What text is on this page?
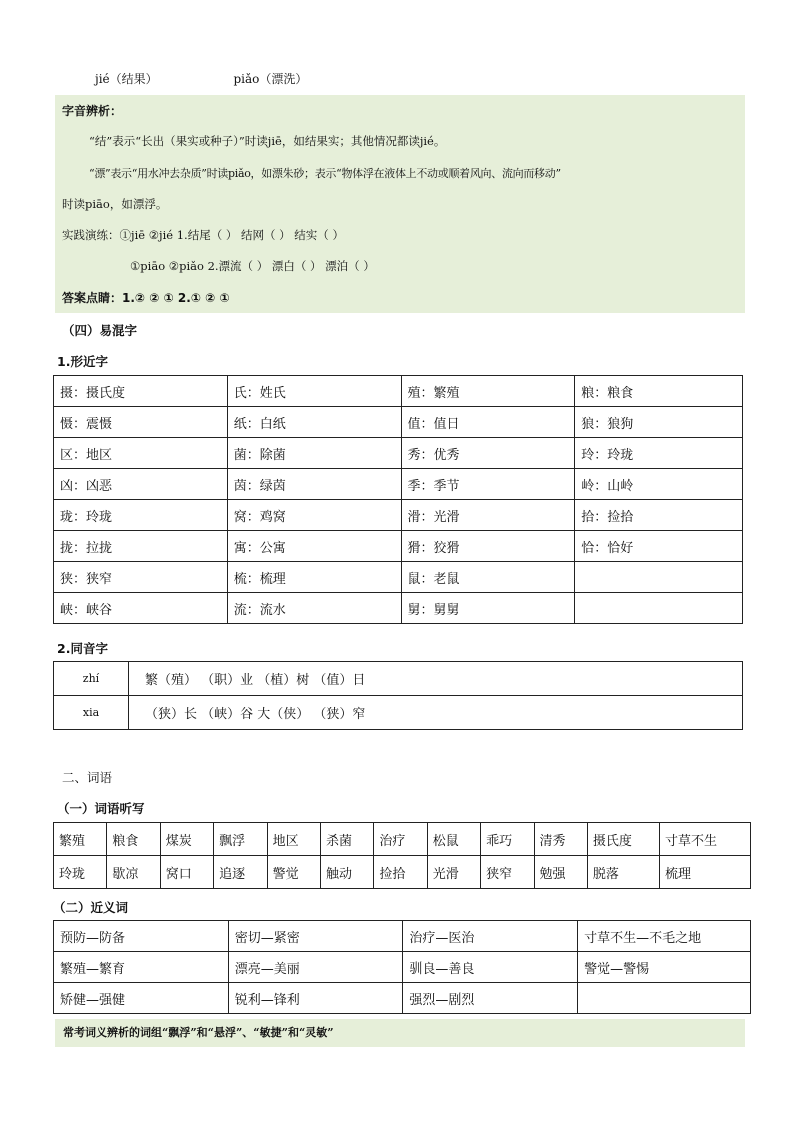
jié（结果）	piǎo（漂洗）
字音辨析：
“结”表示“长出（果实或种子）”时读jiē，如结果实；其他情况都读jié。
“漂”表示“用水冲去杂质”时读piǎo，如漂朱砂；表示“物体浮在液体上不动或顺着风向、流向而移动”
时读piāo，如漂浮。
实践演练：①jiē ②jié 1.结尾（ ） 结网（ ） 结实（ ）
①piāo ②piǎo 2.漂流（ ） 漂白（ ） 漂泊（ ）
答案点睛：1.② ② ① 2.① ② ①
（四）易混字
1.形近字
摄：摄氏度	氏：姓氏	殖：繁殖	粮：粮食
慑：震慑	纸：白纸	值：值日	狼：狼狗
区：地区	菌：除菌	秀：优秀	玲：玲珑
凶：凶恶	茵：绿茵	季：季节	岭：山岭
珑：玲珑	窝：鸡窝	滑：光滑	拾：捡拾
拢：拉拢	寓：公寓	猾：狡猾	恰：恰好
狭：狭窄	梳：梳理	鼠：老鼠	
峡：峡谷	流：流水	舅：舅舅	
2.同音字
zhí	繁（殖） （职）业 （植）树 （值）日
xia	（狭）长 （峡）谷 大（侠） （狭）窄
二、词语
（一）词语听写
繁殖	粮食	煤炭	飘浮	地区	杀菌	治疗	松鼠	乖巧	清秀	摄氏度	寸草不生
玲珑	歇凉	窝口	追逐	警觉	触动	捡拾	光滑	狭窄	勉强	脱落	梳理
（二）近义词
预防—防备	密切—紧密	治疗—医治	寸草不生—不毛之地
繁殖—繁育	漂亮—美丽	驯良—善良	警觉—警惕
矫健—强健	锐利—锋利	强烈—剧烈	
常考词义辨析的词组“飘浮”和“悬浮”、“敏捷”和“灵敏”
